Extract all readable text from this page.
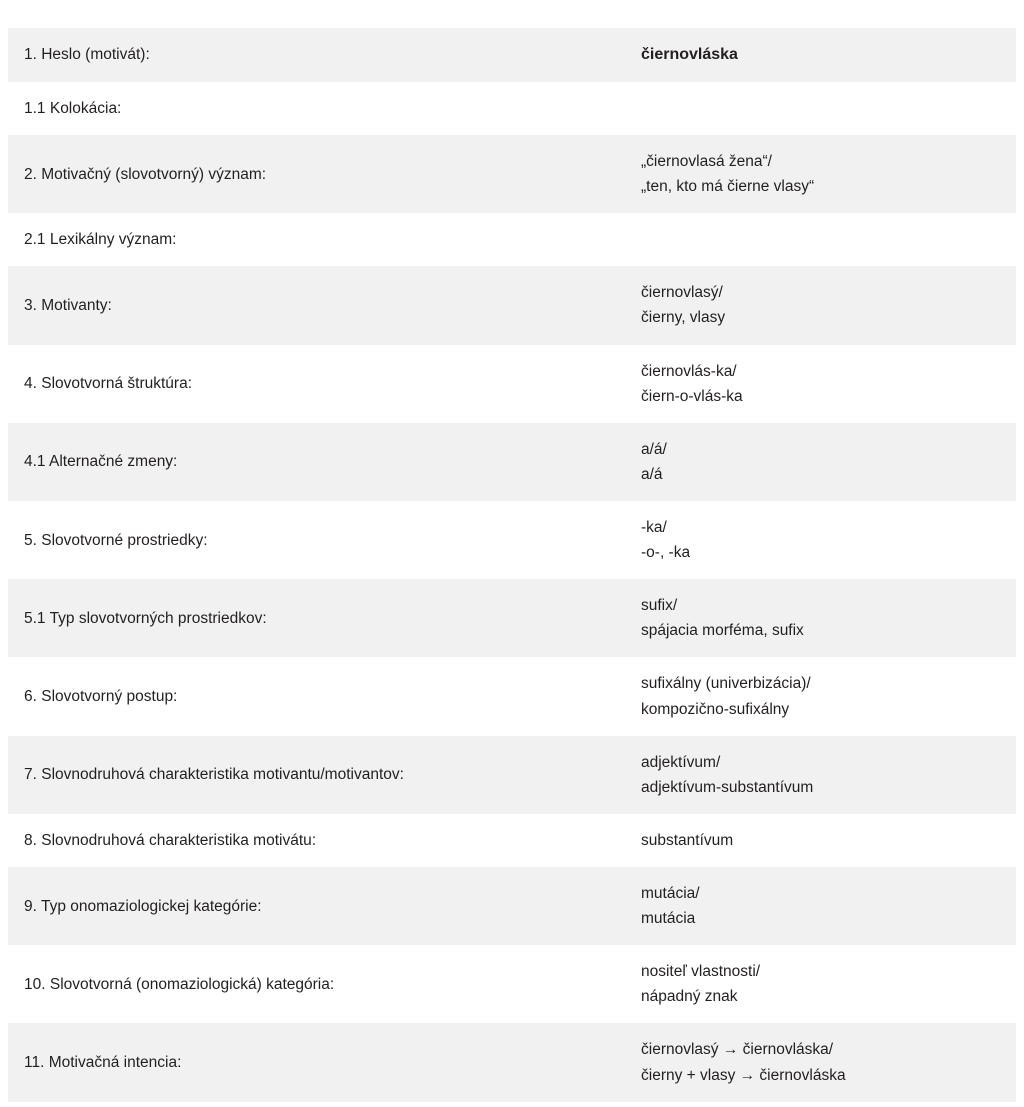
1. Heslo (motivát):	čiernovláska

1.1 Kolokácia:	
2. Motivačný (slovotvorný) význam:	„čiernovlasá žena“/
„ten, kto má čierne vlasy“

2.1 Lexikálny význam:	
3. Motivanty:	čiernovlasý/
čierny, vlasy

4. Slovotvorná štruktúra:	čiernovlás-ka/
čiern-o-vlás-ka

4.1 Alternačné zmeny:	a/á/
a/á

5. Slovotvorné prostriedky:	-ka/
-o-, -ka

5.1 Typ slovotvorných prostriedkov:	sufix/
spájacia morféma, sufix

6. Slovotvorný postup:	sufixálny (univerbizácia)/
kompozično-sufixálny

7. Slovnodruhová charakteristika motivantu/motivantov:	adjektívum/
adjektívum-substantívum

8. Slovnodruhová charakteristika motivátu:	substantívum

9. Typ onomaziologickej kategórie:	mutácia/
mutácia

10. Slovotvorná (onomaziologická) kategória:	nositeľ vlastnosti/
nápadný znak

11. Motivačná intencia:	čiernovlasý → čiernovláska/
čierny + vlasy → čiernovláska
